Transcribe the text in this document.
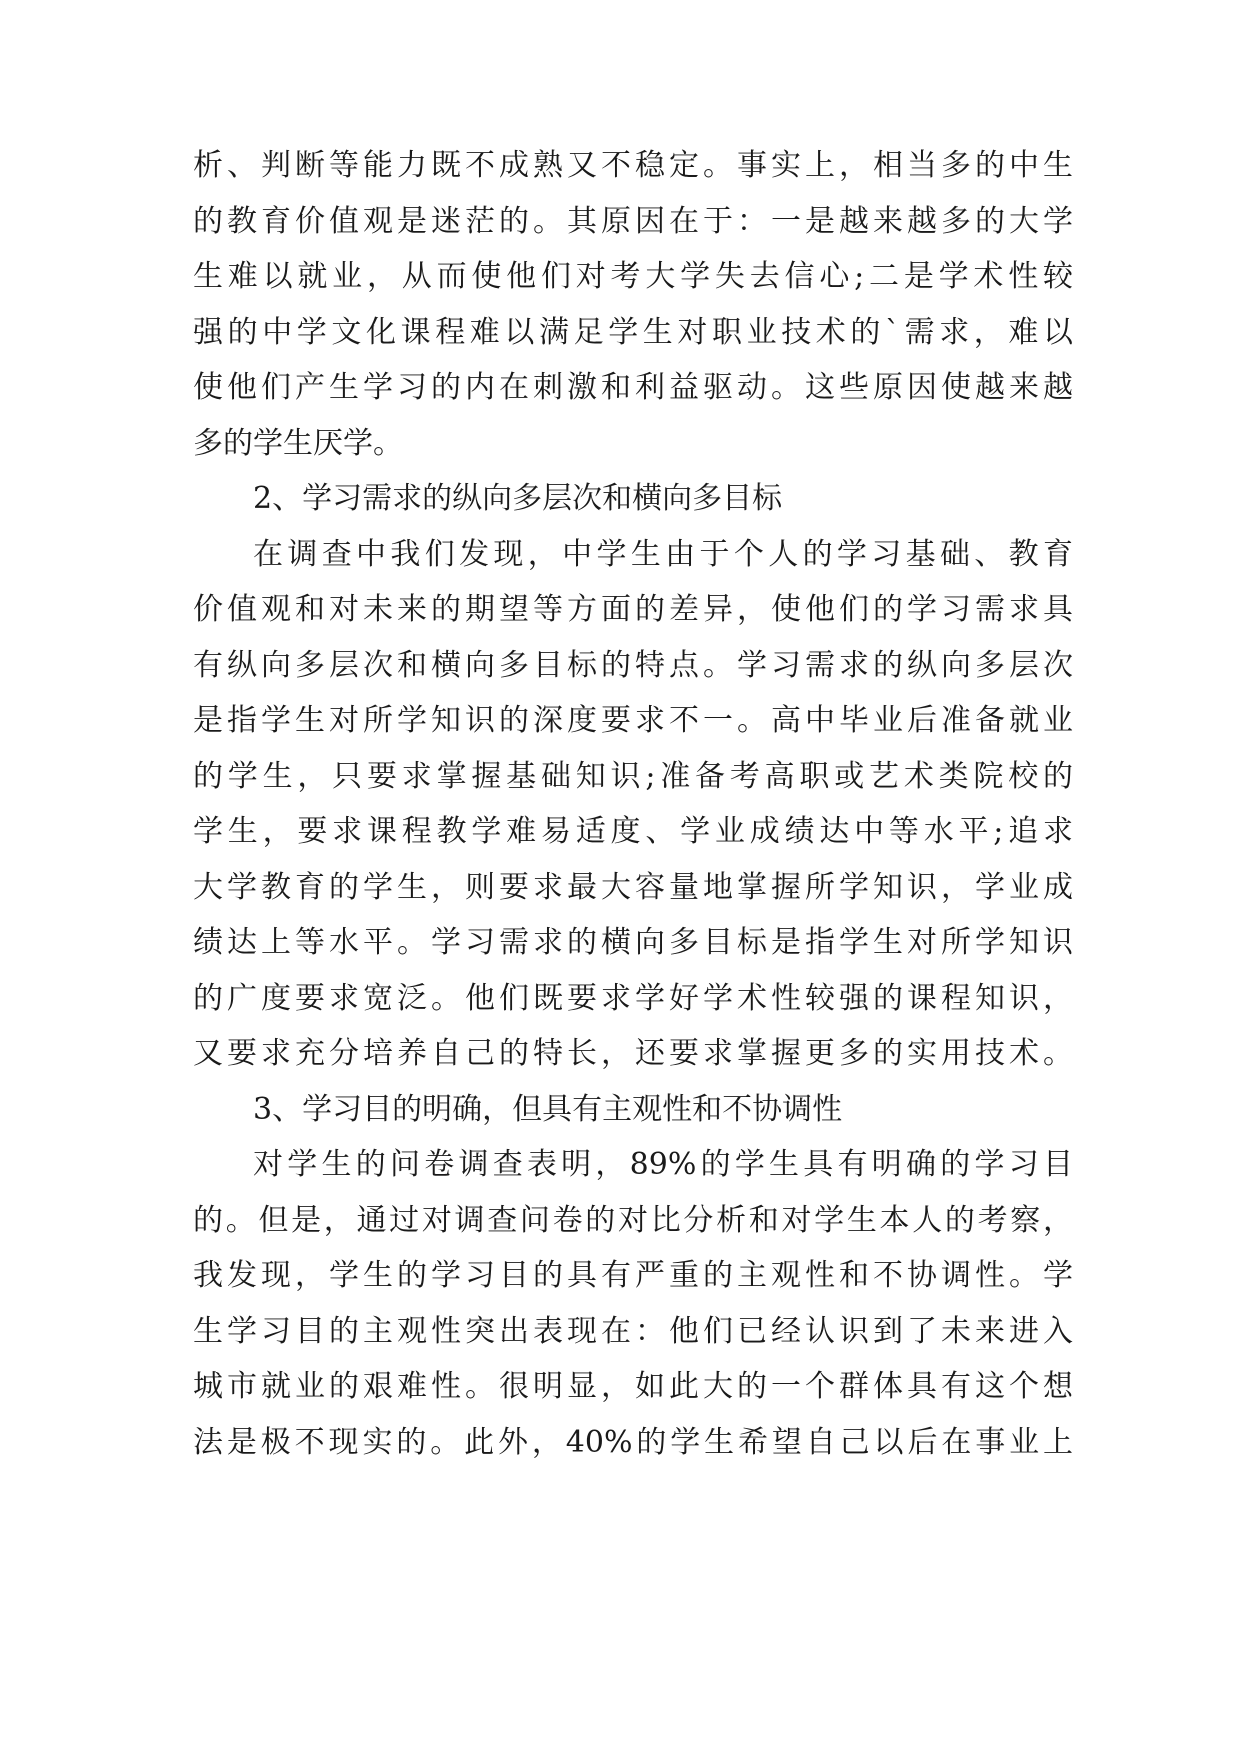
析、判断等能力既不成熟又不稳定。事实上，相当多的中生
的教育价值观是迷茫的。其原因在于：一是越来越多的大学
生难以就业，从而使他们对考大学失去信心;二是学术性较
强的中学文化课程难以满足学生对职业技术的`需求，难以
使他们产生学习的内在刺激和利益驱动。这些原因使越来越
多的学生厌学。
2、学习需求的纵向多层次和横向多目标
在调查中我们发现，中学生由于个人的学习基础、教育
价值观和对未来的期望等方面的差异，使他们的学习需求具
有纵向多层次和横向多目标的特点。学习需求的纵向多层次
是指学生对所学知识的深度要求不一。高中毕业后准备就业
的学生，只要求掌握基础知识;准备考高职或艺术类院校的
学生，要求课程教学难易适度、学业成绩达中等水平;追求
大学教育的学生，则要求最大容量地掌握所学知识，学业成
绩达上等水平。学习需求的横向多目标是指学生对所学知识
的广度要求宽泛。他们既要求学好学术性较强的课程知识，
又要求充分培养自己的特长，还要求掌握更多的实用技术。
3、学习目的明确，但具有主观性和不协调性
对学生的问卷调查表明，89%的学生具有明确的学习目
的。但是，通过对调查问卷的对比分析和对学生本人的考察，
我发现，学生的学习目的具有严重的主观性和不协调性。学
生学习目的主观性突出表现在：他们已经认识到了未来进入
城市就业的艰难性。很明显，如此大的一个群体具有这个想
法是极不现实的。此外，40%的学生希望自己以后在事业上
